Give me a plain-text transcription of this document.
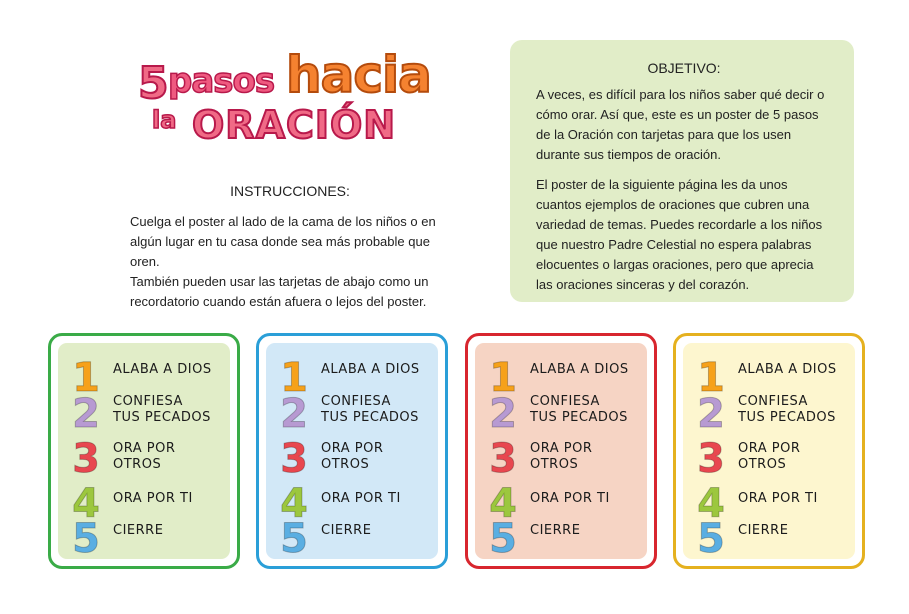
5 pasos hacia
la ORACIÓN
INSTRUCCIONES:
Cuelga el poster al lado de la cama de los niños o en
algún lugar en tu casa donde sea más probable que oren.
También pueden usar las tarjetas de abajo como un
recordatorio cuando están afuera o lejos del poster.
OBJETIVO:
A veces, es difícil para los niños saber qué decir o
cómo orar. Así que, este es un poster de 5 pasos
de la Oración con tarjetas para que los usen
durante sus tiempos de oración.
El poster de la siguiente página les da unos
cuantos ejemplos de oraciones que cubren una
variedad de temas. Puedes recordarle a los niños
que nuestro Padre Celestial no espera palabras
elocuentes o largas oraciones, pero que aprecia
las oraciones sinceras y del corazón.
1	ALABA A DIOS
2	CONFIESA
TUS PECADOS
3	ORA POR
OTROS
4	ORA POR TI
5	CIERRE
1	ALABA A DIOS
2	CONFIESA
TUS PECADOS
3	ORA POR
OTROS
4	ORA POR TI
5	CIERRE
1	ALABA A DIOS
2	CONFIESA
TUS PECADOS
3	ORA POR
OTROS
4	ORA POR TI
5	CIERRE
1	ALABA A DIOS
2	CONFIESA
TUS PECADOS
3	ORA POR
OTROS
4	ORA POR TI
5	CIERRE
